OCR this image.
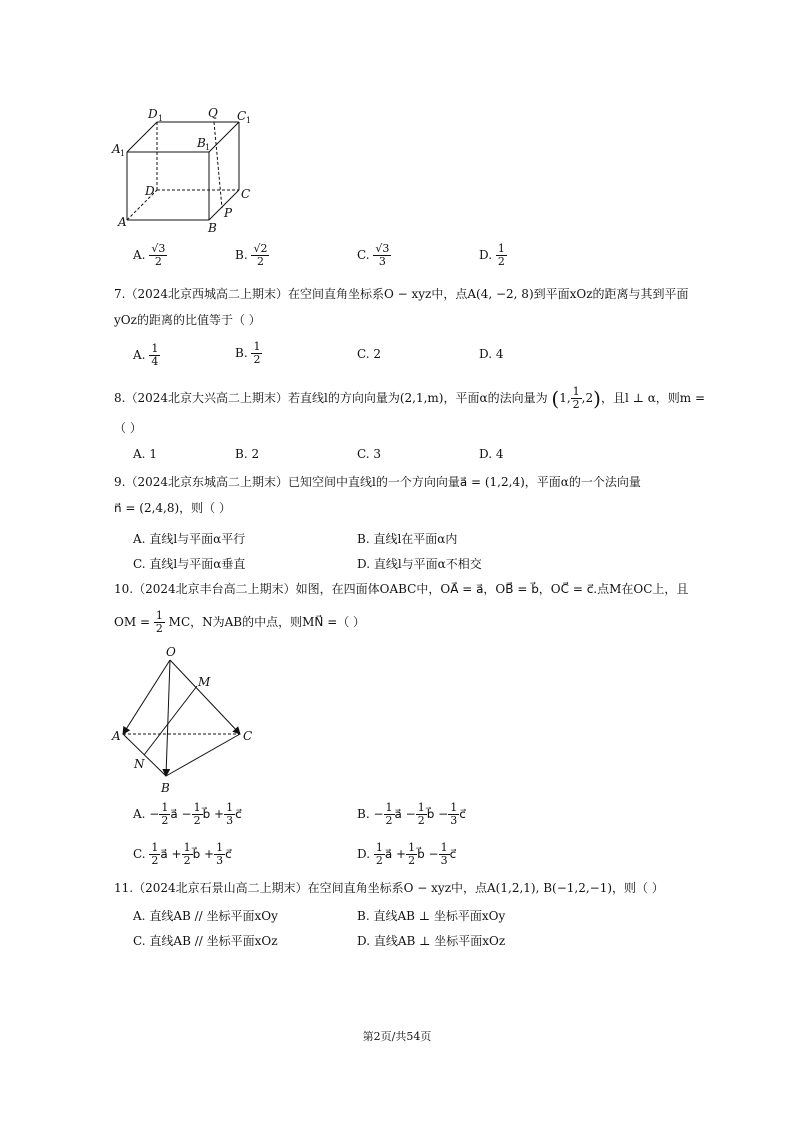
D 1	Q C 1
A 1
B 1
D	C
A
P
B
A. $\frac{√3}{2}$	B. $\frac{√2}{2}$	C. $\frac{√3}{3}$	D. $\frac{1}{2}$
7.（2024北京西城高二上期末）在空间直角坐标系O − xyz中，点A(4, −2, 8)到平面xOz的距离与其到平面
yOz的距离的比值等于（ ）
A. $\frac{1}{4}$	B. $\frac{1}{2}$	C. 2	D. 4
8.（2024北京大兴高二上期末）若直线l的方向向量为(2,1,m)，平面α的法向量为 (1, $\frac{1}{2} ,2$)，且l ⊥ α，则m =
（ ）
A. 1	B. 2	C. 3	D. 4
9.（2024北京东城高二上期末）已知空间中直线l的一个方向向量a⃗ = (1,2,4)，平面α的一个法向量
n⃗ = (2,4,8)，则（ ）
A. 直线l与平面α平行	B. 直线l在平面α内
C. 直线l与平面α垂直	D. 直线l与平面α不相交
10.（2024北京丰台高二上期末）如图，在四面体OABC中，OA⃗ = a⃗，OB⃗ = b⃗，OC⃗ = c⃗.点M在OC上，且
OM = $\frac{1}{2}$ MC，N为AB的中点，则MN⃗ =（ ）
O
M
A	C
N
B
A. − $\frac{1}{2}$ a⃗ − $\frac{1}{2}$ b⃗ + $\frac{1}{3}$ c⃗	B. − $\frac{1}{2}$ a⃗ − $\frac{1}{2}$ b⃗ − $\frac{1}{3}$ c⃗
C. $\frac{1}{2}$ a⃗ + $\frac{1}{2}$ b⃗ + $\frac{1}{3}$ c⃗	D. $\frac{1}{2}$ a⃗ + $\frac{1}{2}$ b⃗ − $\frac{1}{3}$ c⃗
11.（2024北京石景山高二上期末）在空间直角坐标系O − xyz中，点A(1,2,1), B(−1,2,−1)，则（ ）
A. 直线AB // 坐标平面xOy	B. 直线AB ⊥ 坐标平面xOy
C. 直线AB // 坐标平面xOz	D. 直线AB ⊥ 坐标平面xOz
第2页/共54页
